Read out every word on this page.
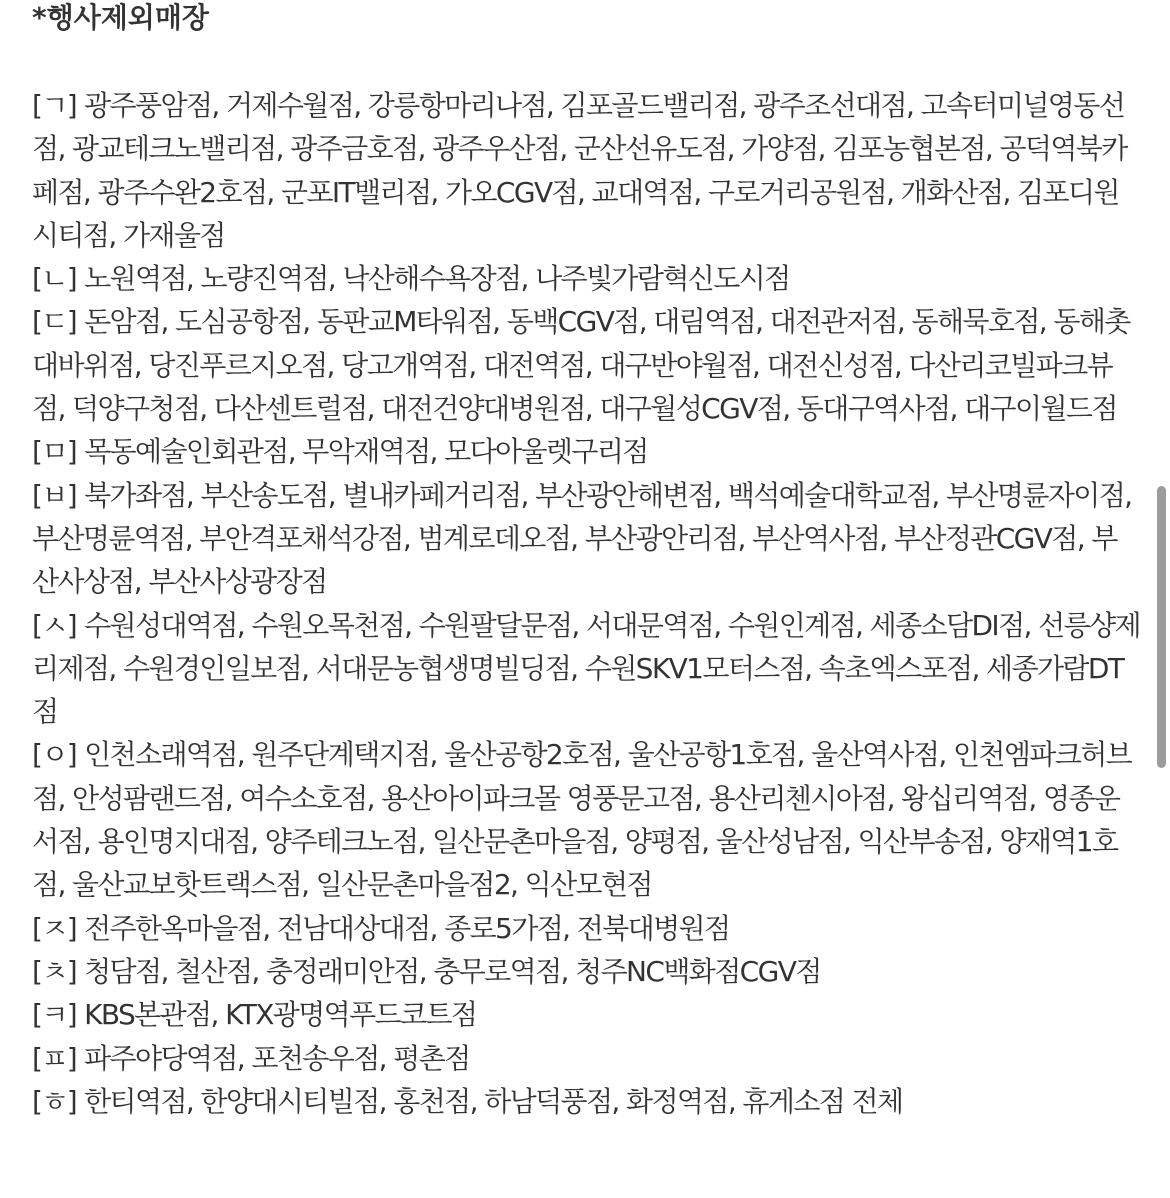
*행사제외매장
[ㄱ] 광주풍암점, 거제수월점, 강릉항마리나점, 김포골드밸리점, 광주조선대점, 고속터미널영동선점, 광교테크노밸리점, 광주금호점, 광주우산점, 군산선유도점, 가양점, 김포농협본점, 공덕역북카페점, 광주수완2호점, 군포IT밸리점, 가오CGV점, 교대역점, 구로거리공원점, 개화산점, 김포디원시티점, 가재울점
[ㄴ] 노원역점, 노량진역점, 낙산해수욕장점, 나주빛가람혁신도시점
[ㄷ] 돈암점, 도심공항점, 동판교M타워점, 동백CGV점, 대림역점, 대전관저점, 동해묵호점, 동해촛대바위점, 당진푸르지오점, 당고개역점, 대전역점, 대구반야월점, 대전신성점, 다산리코빌파크뷰점, 덕양구청점, 다산센트럴점, 대전건양대병원점, 대구월성CGV점, 동대구역사점, 대구이월드점
[ㅁ] 목동예술인회관점, 무악재역점, 모다아울렛구리점
[ㅂ] 북가좌점, 부산송도점, 별내카페거리점, 부산광안해변점, 백석예술대학교점, 부산명륜자이점, 부산명륜역점, 부안격포채석강점, 범계로데오점, 부산광안리점, 부산역사점, 부산정관CGV점, 부산사상점, 부산사상광장점
[ㅅ] 수원성대역점, 수원오목천점, 수원팔달문점, 서대문역점, 수원인계점, 세종소담DI점, 선릉샹제리제점, 수원경인일보점, 서대문농협생명빌딩점, 수원SKV1모터스점, 속초엑스포점, 세종가람DT점
[ㅇ] 인천소래역점, 원주단계택지점, 울산공항2호점, 울산공항1호점, 울산역사점, 인천엠파크허브점, 안성팜랜드점, 여수소호점, 용산아이파크몰 영풍문고점, 용산리첸시아점, 왕십리역점, 영종운서점, 용인명지대점, 양주테크노점, 일산문촌마을점, 양평점, 울산성남점, 익산부송점, 양재역1호점, 울산교보핫트랙스점, 일산문촌마을점2, 익산모현점
[ㅈ] 전주한옥마을점, 전남대상대점, 종로5가점, 전북대병원점
[ㅊ] 청담점, 철산점, 충정래미안점, 충무로역점, 청주NC백화점CGV점
[ㅋ] KBS본관점, KTX광명역푸드코트점
[ㅍ] 파주야당역점, 포천송우점, 평촌점
[ㅎ] 한티역점, 한양대시티빌점, 홍천점, 하남덕풍점, 화정역점, 휴게소점 전체
